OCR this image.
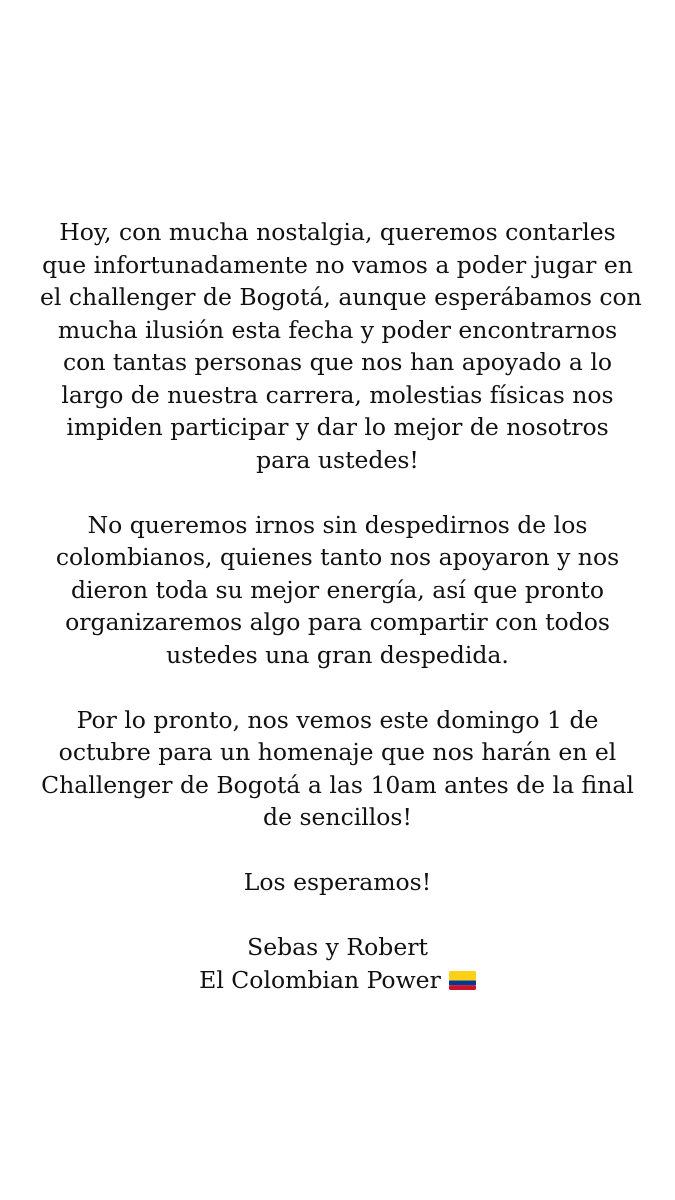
Hoy, con mucha nostalgia, queremos contarles
que infortunadamente no vamos a poder jugar en
el challenger de Bogotá, aunque esperábamos con
mucha ilusión esta fecha y poder encontrarnos
con tantas personas que nos han apoyado a lo
largo de nuestra carrera, molestias físicas nos
impiden participar y dar lo mejor de nosotros
para ustedes!
No queremos irnos sin despedirnos de los
colombianos, quienes tanto nos apoyaron y nos
dieron toda su mejor energía, así que pronto
organizaremos algo para compartir con todos
ustedes una gran despedida.
Por lo pronto, nos vemos este domingo 1 de
octubre para un homenaje que nos harán en el
Challenger de Bogotá a las 10am antes de la final
de sencillos!
Los esperamos!
Sebas y Robert
El Colombian Power
